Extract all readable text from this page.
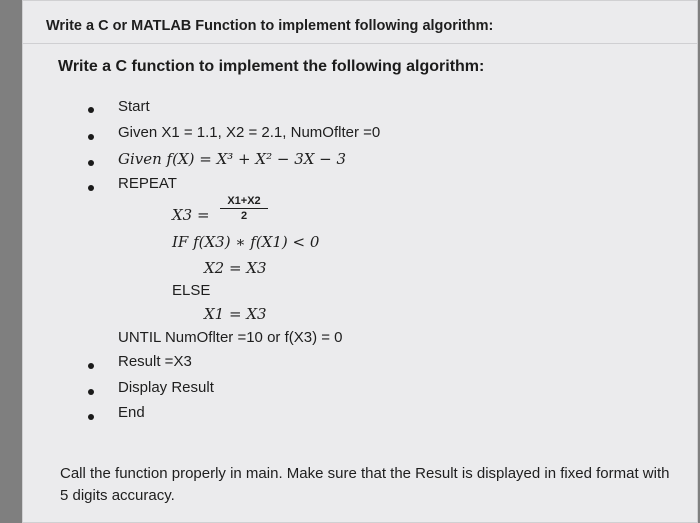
Write a C or MATLAB Function to implement following algorithm:
Write a C function to implement the following algorithm:
Start
Given X1 = 1.1, X2 = 2.1, NumOflter =0
Given f(X) = X³ + X² − 3X − 3
REPEAT
X3 =
X1+X2
2
IF f(X3) ∗ f(X1) < 0
X2 = X3
ELSE
X1 = X3
UNTIL NumOflter =10 or f(X3) = 0
Result =X3
Display Result
End
Call the function properly in main. Make sure that the Result is displayed in fixed format with 5 digits accuracy.
